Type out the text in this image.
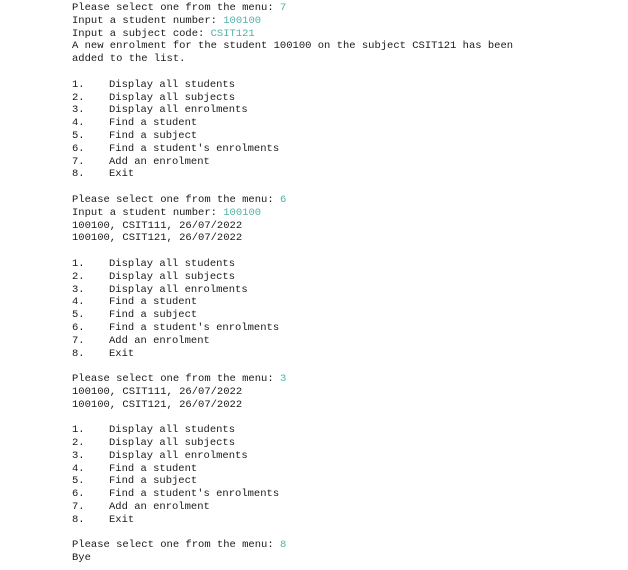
Please select one from the menu: 7
Input a student number: 100100
Input a subject code: CSIT121
A new enrolment for the student 100100 on the subject CSIT121 has been
added to the list.
1. Display all students
2. Display all subjects
3. Display all enrolments
4. Find a student
5. Find a subject
6. Find a student's enrolments
7. Add an enrolment
8. Exit
Please select one from the menu: 6
Input a student number: 100100
100100, CSIT111, 26/07/2022
100100, CSIT121, 26/07/2022
1. Display all students
2. Display all subjects
3. Display all enrolments
4. Find a student
5. Find a subject
6. Find a student's enrolments
7. Add an enrolment
8. Exit
Please select one from the menu: 3
100100, CSIT111, 26/07/2022
100100, CSIT121, 26/07/2022
1. Display all students
2. Display all subjects
3. Display all enrolments
4. Find a student
5. Find a subject
6. Find a student's enrolments
7. Add an enrolment
8. Exit
Please select one from the menu: 8
Bye
